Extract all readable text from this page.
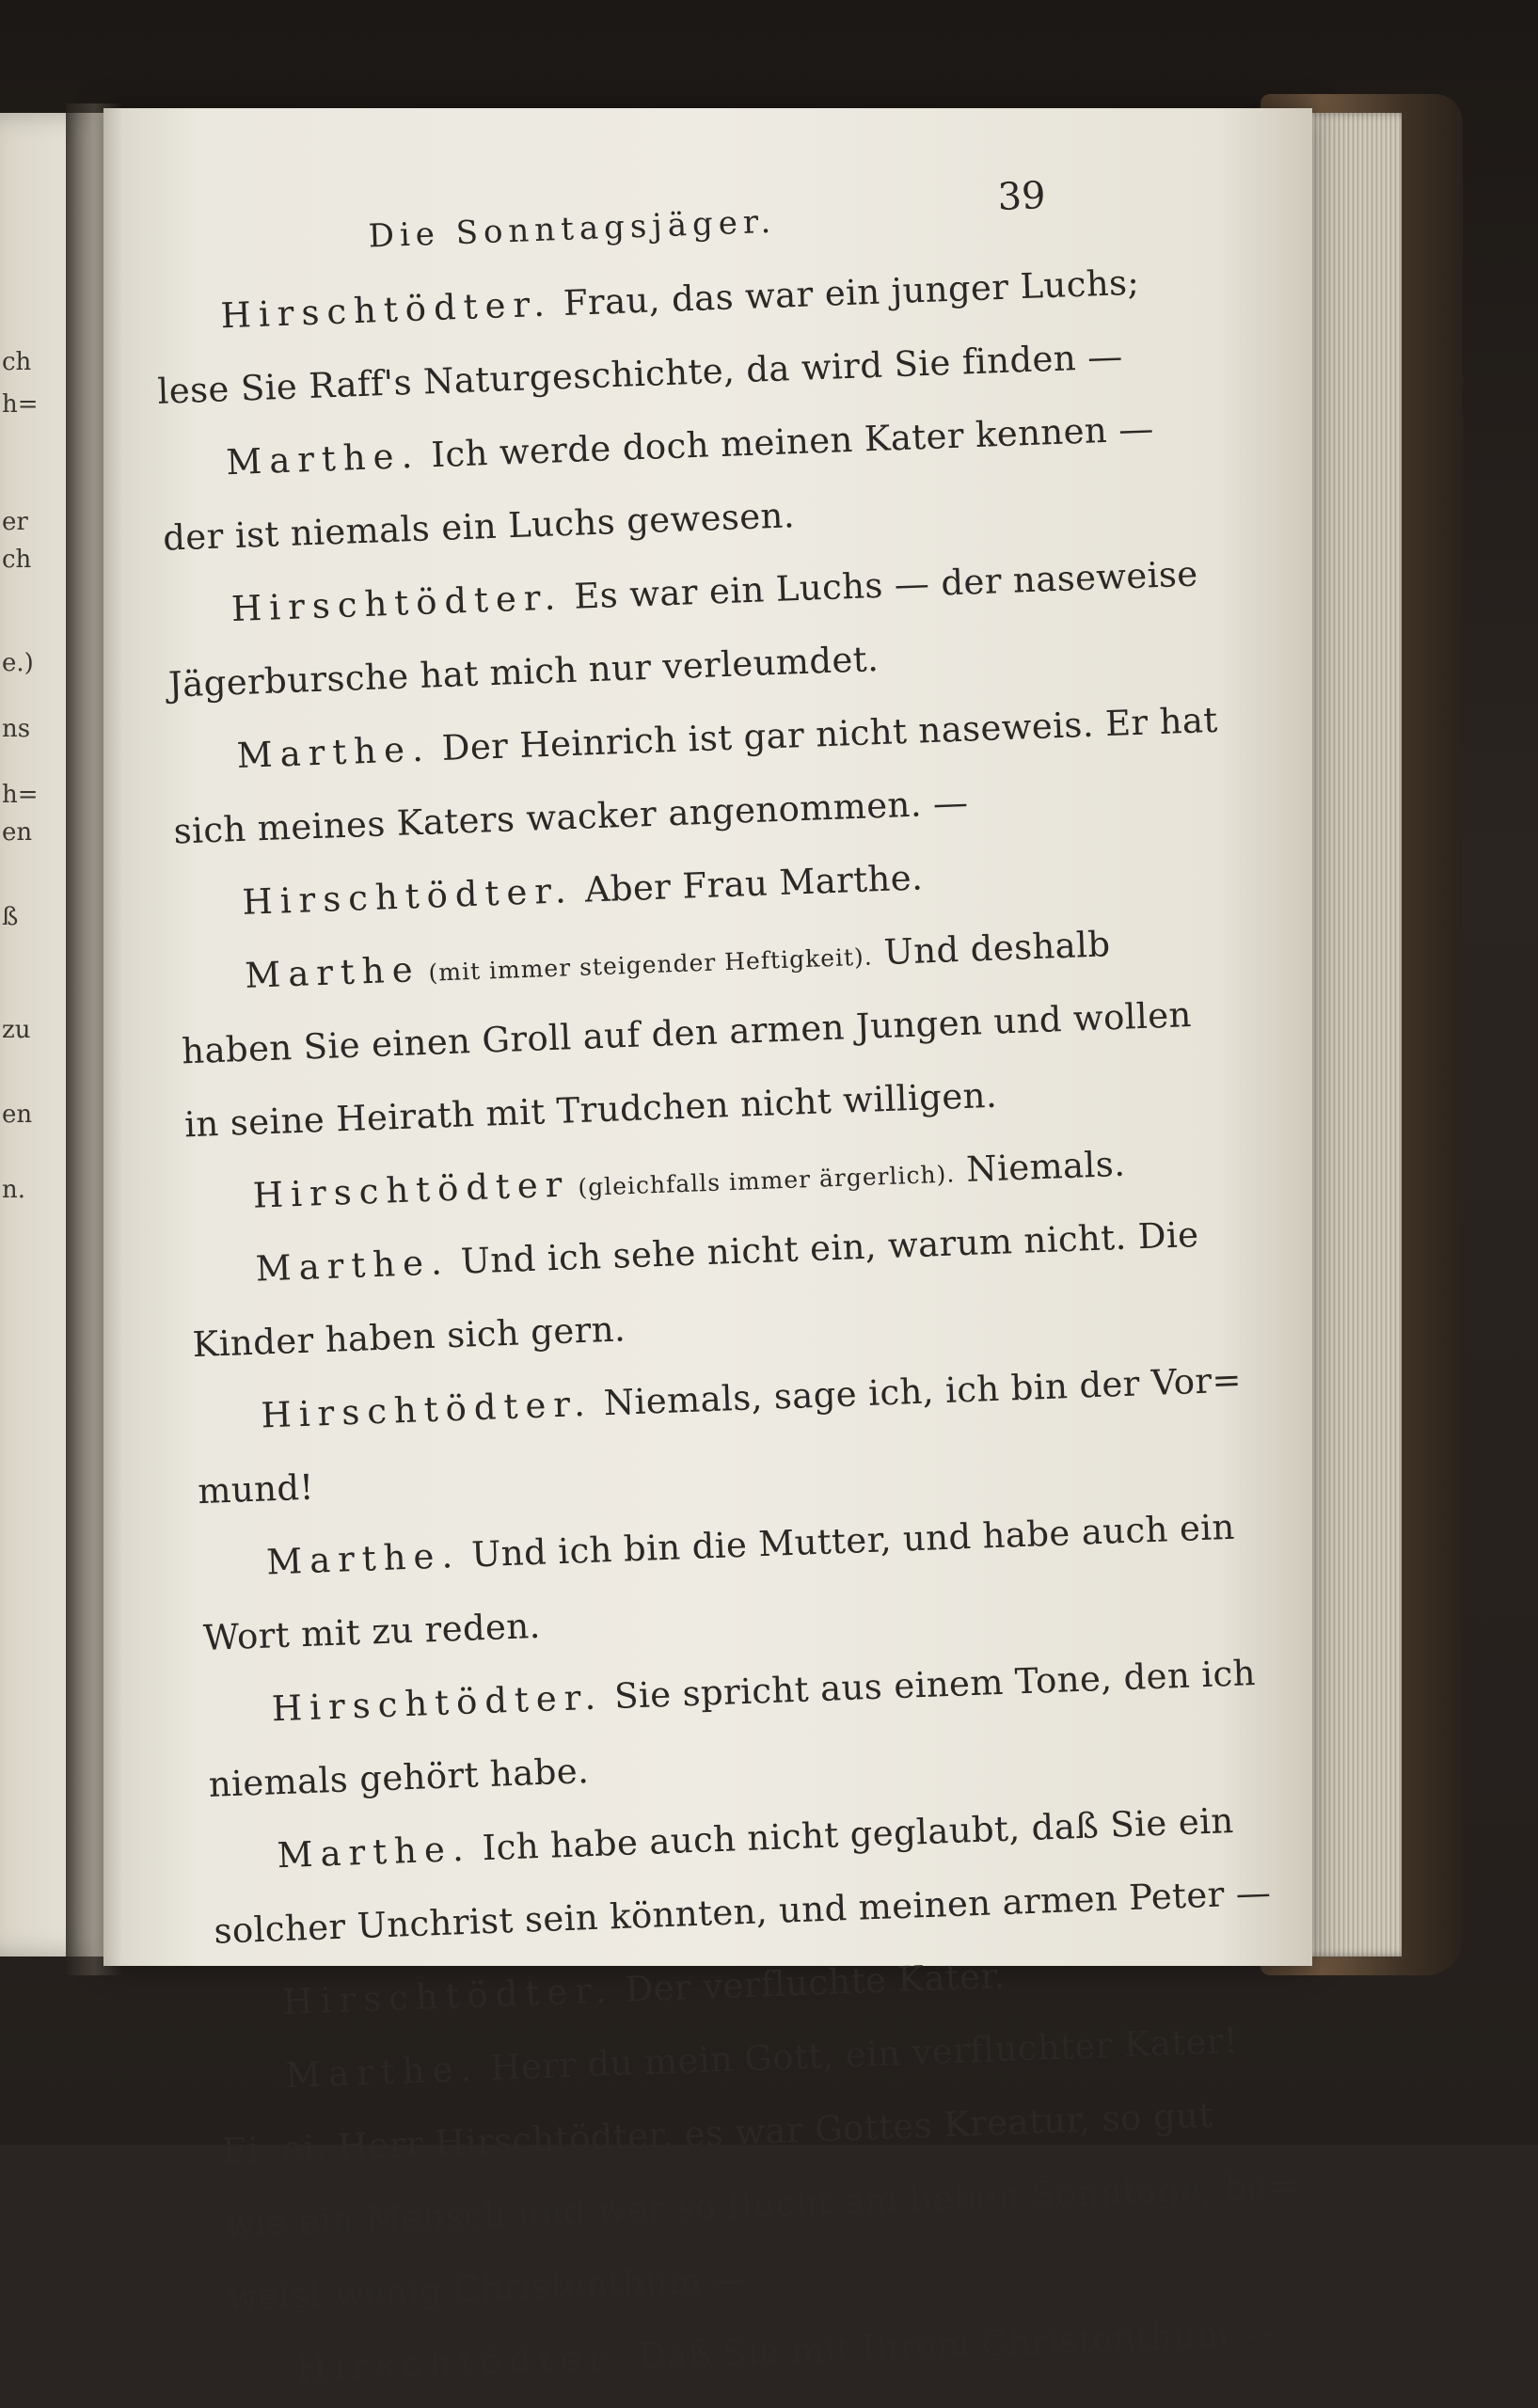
ch
h=
er
ch
e.)
ns
h=
en
ß
zu
en
n.
Die Sonntagsjäger.
39
Hirschtödter. Frau, das war ein junger Luchs;
lese Sie Raff's Naturgeschichte, da wird Sie finden —
Marthe. Ich werde doch meinen Kater kennen —
der ist niemals ein Luchs gewesen.
Hirschtödter. Es war ein Luchs — der naseweise
Jägerbursche hat mich nur verleumdet.
Marthe. Der Heinrich ist gar nicht naseweis. Er hat
sich meines Katers wacker angenommen. —
Hirschtödter. Aber Frau Marthe.
Marthe (mit immer steigender Heftigkeit). Und deshalb
haben Sie einen Groll auf den armen Jungen und wollen
in seine Heirath mit Trudchen nicht willigen.
Hirschtödter (gleichfalls immer ärgerlich). Niemals.
Marthe. Und ich sehe nicht ein, warum nicht. Die
Kinder haben sich gern.
Hirschtödter. Niemals, sage ich, ich bin der Vor=
mund!
Marthe. Und ich bin die Mutter, und habe auch ein
Wort mit zu reden.
Hirschtödter. Sie spricht aus einem Tone, den ich
niemals gehört habe.
Marthe. Ich habe auch nicht geglaubt, daß Sie ein
solcher Unchrist sein könnten, und meinen armen Peter —
Hirschtödter. Der verfluchte Kater.
Marthe. Herr du mein Gott, ein verfluchter Kater!
Ei, ei, Herr Hirschtödter, es war Gottes Kreatur, so gut
wie ein Mensch und wer so flucht am lieben Sonntage, be=
weist wenig Christenthum —
Hirschtödter. Daß Sie mit Ihrem Christenthum —
